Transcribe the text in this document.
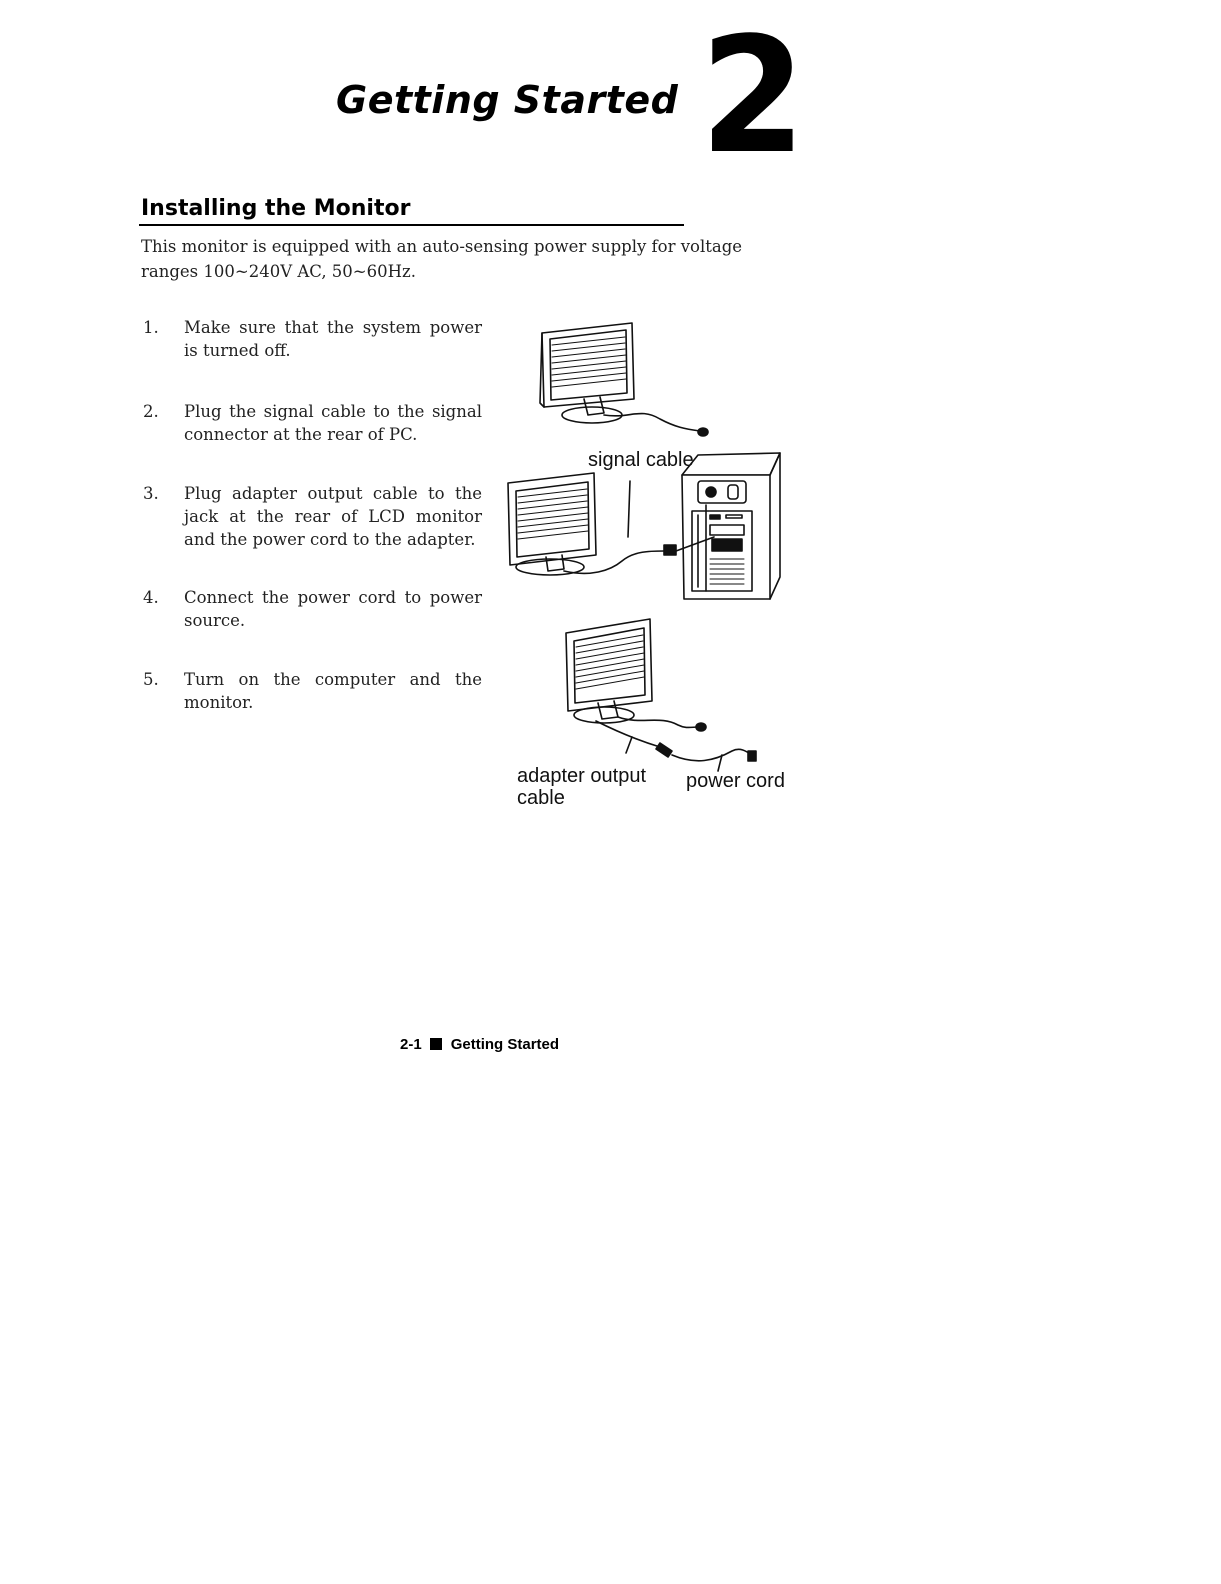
Getting Started 2
Installing the Monitor
This monitor is equipped with an auto-sensing power supply for voltage ranges 100~240V AC, 50~60Hz.
1.	Make sure that the system power is turned off.
2.	Plug the signal cable to the signal connector at the rear of PC.
3.	Plug adapter output cable to the jack at the rear of LCD monitor and the power cord to the adapter.
4.	Connect the power cord to power source.
5.	Turn on the computer and the monitor.
signal cable
adapter output
cable
power cord
2-1 Getting Started
